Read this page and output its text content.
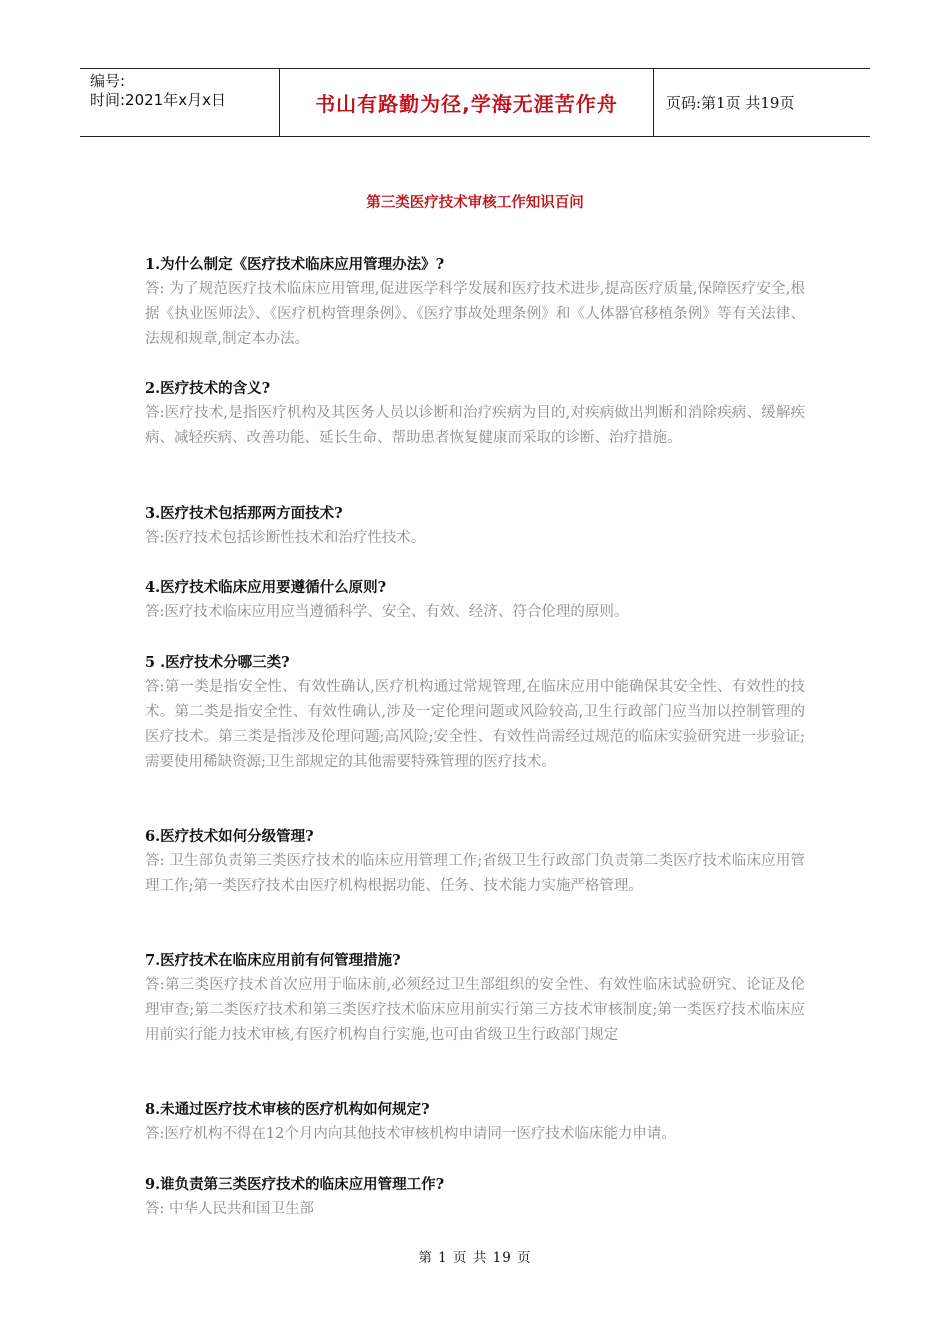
编号:
时间:2021年x月x日	书山有路勤为径,学海无涯苦作舟	页码:第1页 共19页
第三类医疗技术审核工作知识百问

1.为什么制定《医疗技术临床应用管理办法》?

答: 为了规范医疗技术临床应用管理,促进医学科学发展和医疗技术进步,提高医疗质量,保障医疗安全,根据《执业医师法》、《医疗机构管理条例》、《医疗事故处理条例》和《人体器官移植条例》等有关法律、法规和规章,制定本办法。

2.医疗技术的含义?

答:医疗技术,是指医疗机构及其医务人员以诊断和治疗疾病为目的,对疾病做出判断和消除疾病、缓解疾病、减轻疾病、改善功能、延长生命、帮助患者恢复健康而采取的诊断、治疗措施。

3.医疗技术包括那两方面技术?

答:医疗技术包括诊断性技术和治疗性技术。

4.医疗技术临床应用要遵循什么原则?

答:医疗技术临床应用应当遵循科学、安全、有效、经济、符合伦理的原则。

5 .医疗技术分哪三类?

答:第一类是指安全性、有效性确认,医疗机构通过常规管理,在临床应用中能确保其安全性、有效性的技术。第二类是指安全性、有效性确认,涉及一定伦理问题或风险较高,卫生行政部门应当加以控制管理的医疗技术。第三类是指涉及伦理问题;高风险;安全性、有效性尚需经过规范的临床实验研究进一步验证;需要使用稀缺资源;卫生部规定的其他需要特殊管理的医疗技术。

6.医疗技术如何分级管理?

答: 卫生部负责第三类医疗技术的临床应用管理工作;省级卫生行政部门负责第二类医疗技术临床应用管理工作;第一类医疗技术由医疗机构根据功能、任务、技术能力实施严格管理。

7.医疗技术在临床应用前有何管理措施?

答:第三类医疗技术首次应用于临床前,必须经过卫生部组织的安全性、有效性临床试验研究、论证及伦理审查;第二类医疗技术和第三类医疗技术临床应用前实行第三方技术审核制度;第一类医疗技术临床应用前实行能力技术审核,有医疗机构自行实施,也可由省级卫生行政部门规定

8.未通过医疗技术审核的医疗机构如何规定?

答:医疗机构不得在12个月内向其他技术审核机构申请同一医疗技术临床能力申请。

9.谁负责第三类医疗技术的临床应用管理工作?

答: 中华人民共和国卫生部

第 1 页 共 19 页
